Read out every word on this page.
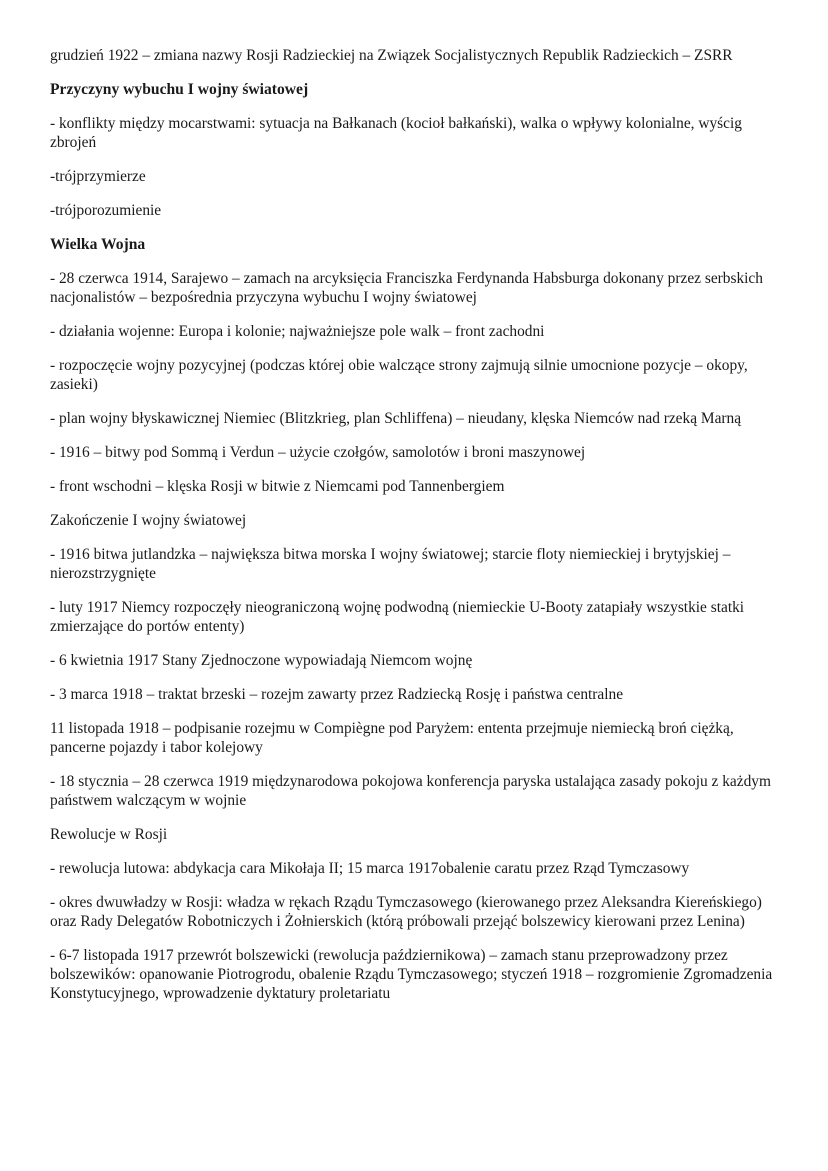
grudzień 1922 – zmiana nazwy Rosji Radzieckiej na Związek Socjalistycznych Republik Radzieckich – ZSRR

Przyczyny wybuchu I wojny światowej

- konflikty między mocarstwami: sytuacja na Bałkanach (kocioł bałkański), walka o wpływy kolonialne, wyścig zbrojeń

-trójprzymierze

-trójporozumienie

Wielka Wojna

- 28 czerwca 1914, Sarajewo – zamach na arcyksięcia Franciszka Ferdynanda Habsburga dokonany przez serbskich nacjonalistów – bezpośrednia przyczyna wybuchu I wojny światowej

- działania wojenne: Europa i kolonie; najważniejsze pole walk – front zachodni

- rozpoczęcie wojny pozycyjnej (podczas której obie walczące strony zajmują silnie umocnione pozycje – okopy, zasieki)

- plan wojny błyskawicznej Niemiec (Blitzkrieg, plan Schliffena) – nieudany, klęska Niemców nad rzeką Marną

- 1916 – bitwy pod Sommą i Verdun – użycie czołgów, samolotów i broni maszynowej

- front wschodni – klęska Rosji w bitwie z Niemcami pod Tannenbergiem

Zakończenie I wojny światowej

- 1916 bitwa jutlandzka – największa bitwa morska I wojny światowej; starcie floty niemieckiej i brytyjskiej – nierozstrzygnięte

- luty 1917 Niemcy rozpoczęły nieograniczoną wojnę podwodną (niemieckie U-Booty zatapiały wszystkie statki zmierzające do portów ententy)

- 6 kwietnia 1917 Stany Zjednoczone wypowiadają Niemcom wojnę

- 3 marca 1918 – traktat brzeski – rozejm zawarty przez Radziecką Rosję i państwa centralne

11 listopada 1918 – podpisanie rozejmu w Compiègne pod Paryżem: ententa przejmuje niemiecką broń ciężką, pancerne pojazdy i tabor kolejowy

- 18 stycznia – 28 czerwca 1919 międzynarodowa pokojowa konferencja paryska ustalająca zasady pokoju z każdym państwem walczącym w wojnie

Rewolucje w Rosji

- rewolucja lutowa: abdykacja cara Mikołaja II; 15 marca 1917obalenie caratu przez Rząd Tymczasowy

- okres dwuwładzy w Rosji: władza w rękach Rządu Tymczasowego (kierowanego przez Aleksandra Kiereńskiego) oraz Rady Delegatów Robotniczych i Żołnierskich (którą próbowali przejąć bolszewicy kierowani przez Lenina)

- 6-7 listopada 1917 przewrót bolszewicki (rewolucja październikowa) – zamach stanu przeprowadzony przez bolszewików: opanowanie Piotrogrodu, obalenie Rządu Tymczasowego; styczeń 1918 – rozgromienie Zgromadzenia Konstytucyjnego, wprowadzenie dyktatury proletariatu
